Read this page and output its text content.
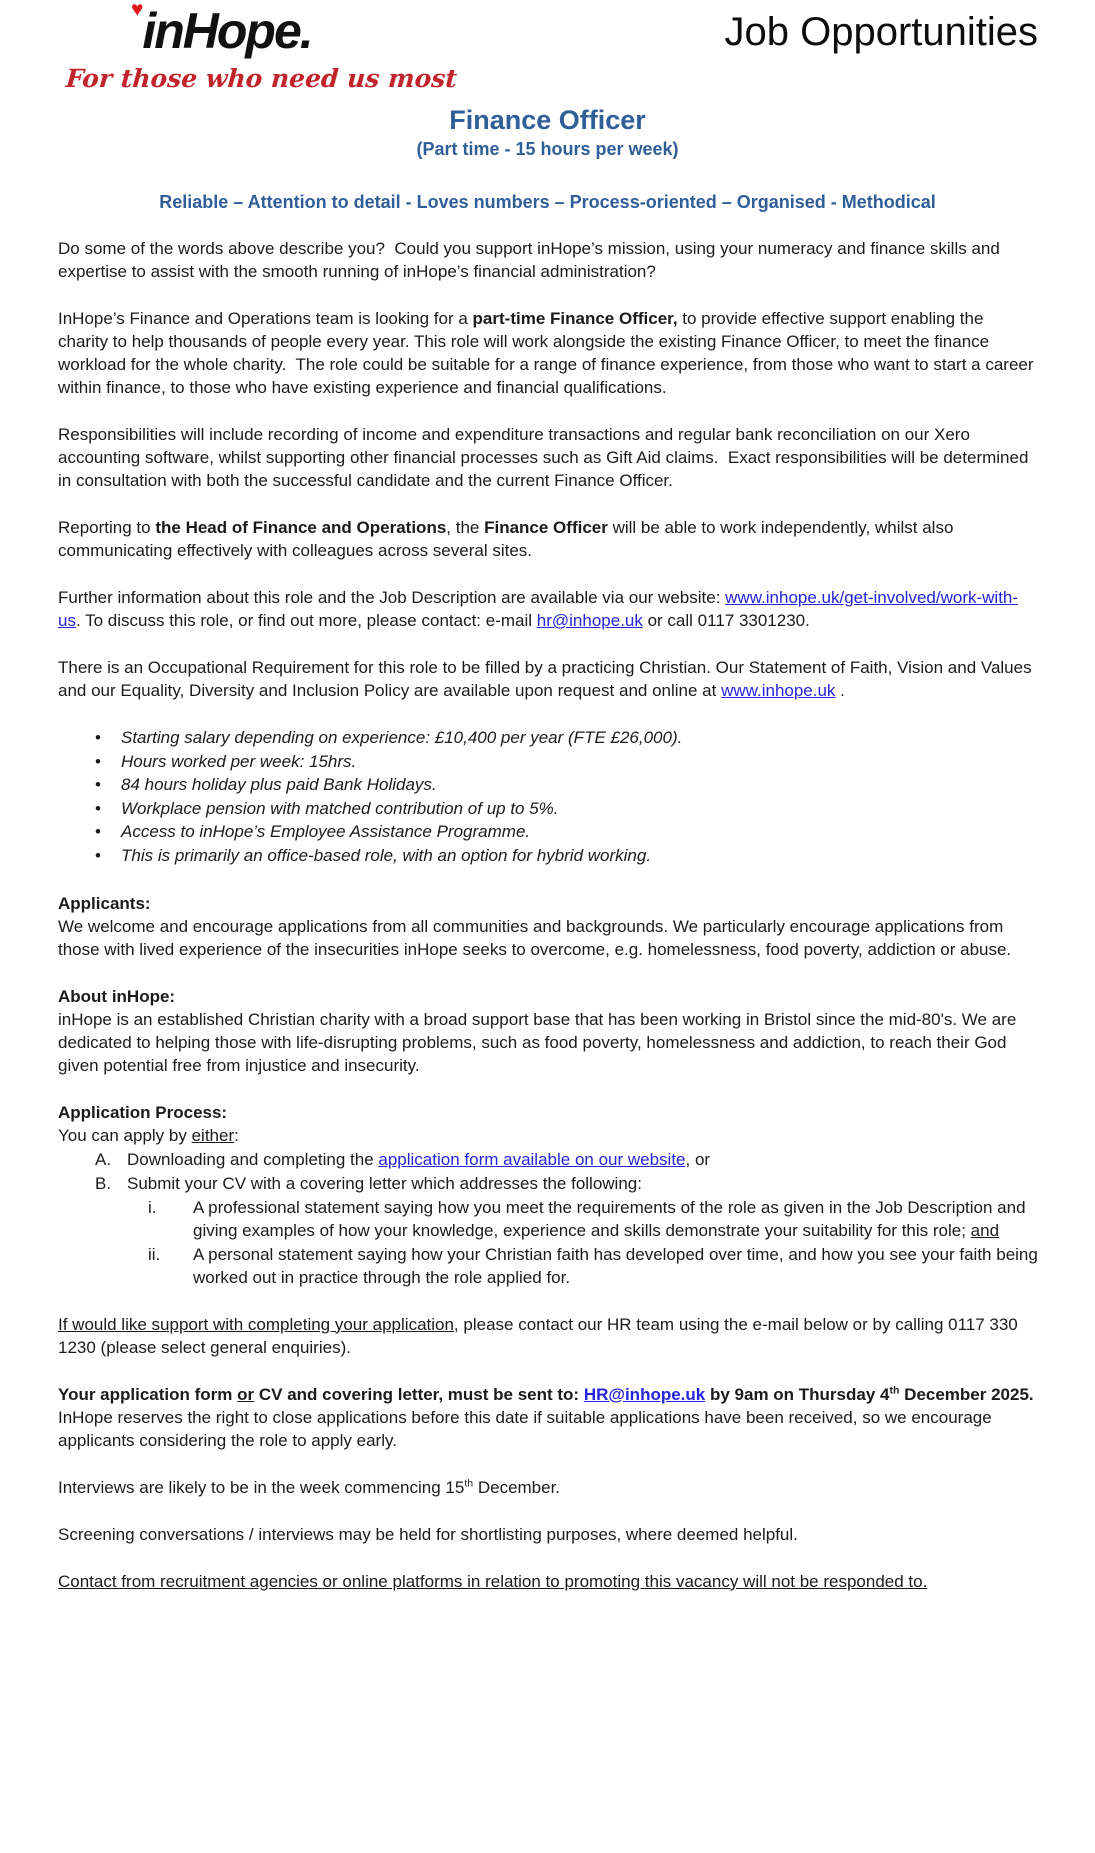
inHope.
♥
For those who need us most
Job Opportunities
Finance Officer
(Part time - 15 hours per week)
Reliable – Attention to detail - Loves numbers – Process-oriented – Organised - Methodical

Do some of the words above describe you?  Could you support inHope’s mission, using your numeracy and finance skills and expertise to assist with the smooth running of inHope’s financial administration?

InHope’s Finance and Operations team is looking for a part-time Finance Officer, to provide effective support enabling the charity to help thousands of people every year. This role will work alongside the existing Finance Officer, to meet the finance workload for the whole charity.  The role could be suitable for a range of finance experience, from those who want to start a career within finance, to those who have existing experience and financial qualifications.

Responsibilities will include recording of income and expenditure transactions and regular bank reconciliation on our Xero accounting software, whilst supporting other financial processes such as Gift Aid claims.  Exact responsibilities will be determined in consultation with both the successful candidate and the current Finance Officer.

Reporting to the Head of Finance and Operations, the Finance Officer will be able to work independently, whilst also communicating effectively with colleagues across several sites.

Further information about this role and the Job Description are available via our website: www.inhope.uk/get-involved/work-with-us. To discuss this role, or find out more, please contact: e-mail hr@inhope.uk or call 0117 3301230.

There is an Occupational Requirement for this role to be filled by a practicing Christian. Our Statement of Faith, Vision and Values and our Equality, Diversity and Inclusion Policy are available upon request and online at www.inhope.uk .

•	Starting salary depending on experience: £10,400 per year (FTE £26,000).
•	Hours worked per week: 15hrs.
•	84 hours holiday plus paid Bank Holidays.
•	Workplace pension with matched contribution of up to 5%.
•	Access to inHope’s Employee Assistance Programme.
•	This is primarily an office-based role, with an option for hybrid working.
Applicants:
We welcome and encourage applications from all communities and backgrounds. We particularly encourage applications from those with lived experience of the insecurities inHope seeks to overcome, e.g. homelessness, food poverty, addiction or abuse.
About inHope:
inHope is an established Christian charity with a broad support base that has been working in Bristol since the mid-80's. We are dedicated to helping those with life-disrupting problems, such as food poverty, homelessness and addiction, to reach their God given potential free from injustice and insecurity.
Application Process:
You can apply by either:
A. Downloading and completing the application form available on our website, or
B. Submit your CV with a covering letter which addresses the following:
i.	A professional statement saying how you meet the requirements of the role as given in the Job Description and giving examples of how your knowledge, experience and skills demonstrate your suitability for this role; and
ii.	A personal statement saying how your Christian faith has developed over time, and how you see your faith being worked out in practice through the role applied for.

If would like support with completing your application, please contact our HR team using the e-mail below or by calling 0117 330 1230 (please select general enquiries).

Your application form or CV and covering letter, must be sent to: HR@inhope.uk by 9am on Thursday 4th December 2025.  InHope reserves the right to close applications before this date if suitable applications have been received, so we encourage applicants considering the role to apply early.

Interviews are likely to be in the week commencing 15th December.

Screening conversations / interviews may be held for shortlisting purposes, where deemed helpful.

Contact from recruitment agencies or online platforms in relation to promoting this vacancy will not be responded to.
